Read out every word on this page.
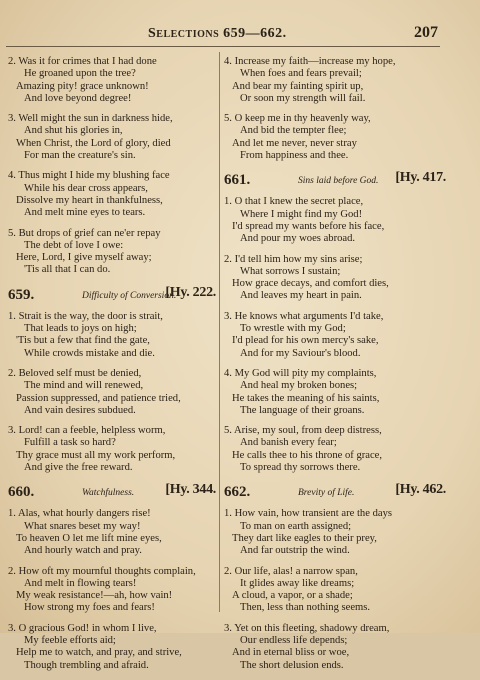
Selections 659—662.	207
2. Was it for crimes that I had done
He groaned upon the tree?
Amazing pity! grace unknown!
And love beyond degree!
3. Well might the sun in darkness hide,
And shut his glories in,
When Christ, the Lord of glory, died
For man the creature's sin.
4. Thus might I hide my blushing face
While his dear cross appears,
Dissolve my heart in thankfulness,
And melt mine eyes to tears.
5. But drops of grief can ne'er repay
The debt of love I owe:
Here, Lord, I give myself away;
'Tis all that I can do.
659.	Difficulty of Conversion.
[Hy. 222.
1. Strait is the way, the door is strait,
That leads to joys on high;
'Tis but a few that find the gate,
While crowds mistake and die.
2. Beloved self must be denied,
The mind and will renewed,
Passion suppressed, and patience tried,
And vain desires subdued.
3. Lord! can a feeble, helpless worm,
Fulfill a task so hard?
Thy grace must all my work perform,
And give the free reward.
660.	Watchfulness. [Hy. 344.
1. Alas, what hourly dangers rise!
What snares beset my way!
To heaven O let me lift mine eyes,
And hourly watch and pray.
2. How oft my mournful thoughts complain,
And melt in flowing tears!
My weak resistance!—ah, how vain!
How strong my foes and fears!
3. O gracious God! in whom I live,
My feeble efforts aid;
Help me to watch, and pray, and strive,
Though trembling and afraid.
4. Increase my faith—increase my hope,
When foes and fears prevail;
And bear my fainting spirit up,
Or soon my strength will fail.
5. O keep me in thy heavenly way,
And bid the tempter flee;
And let me never, never stray
From happiness and thee.
661.	Sins laid before God. [Hy. 417.
1. O that I knew the secret place,
Where I might find my God!
I'd spread my wants before his face,
And pour my woes abroad.
2. I'd tell him how my sins arise;
What sorrows I sustain;
How grace decays, and comfort dies,
And leaves my heart in pain.
3. He knows what arguments I'd take,
To wrestle with my God;
I'd plead for his own mercy's sake,
And for my Saviour's blood.
4. My God will pity my complaints,
And heal my broken bones;
He takes the meaning of his saints,
The language of their groans.
5. Arise, my soul, from deep distress,
And banish every fear;
He calls thee to his throne of grace,
To spread thy sorrows there.
662.	Brevity of Life.	[Hy. 462.
1. How vain, how transient are the days
To man on earth assigned;
They dart like eagles to their prey,
And far outstrip the wind.
2. Our life, alas! a narrow span,
It glides away like dreams;
A cloud, a vapor, or a shade;
Then, less than nothing seems.
3. Yet on this fleeting, shadowy dream,
Our endless life depends;
And in eternal bliss or woe,
The short delusion ends.
